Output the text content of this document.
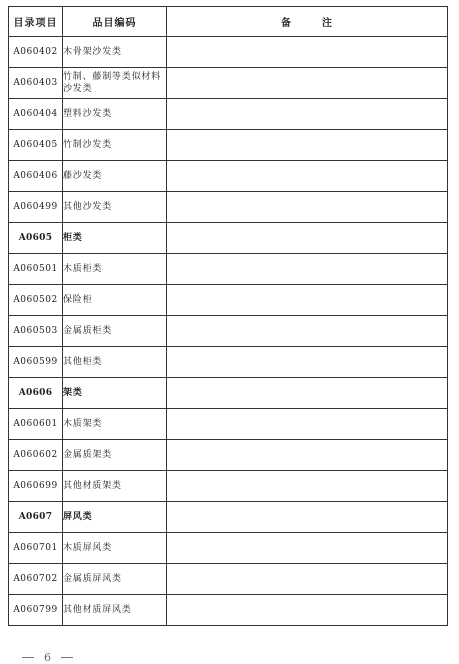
目录项目	品目编码	备 注
A060402	木骨架沙发类	
A060403	竹制、藤制等类似材料沙发类	
A060404	塑料沙发类	
A060405	竹制沙发类	
A060406	藤沙发类	
A060499	其他沙发类	
A0605	柜类	
A060501	木质柜类	
A060502	保险柜	
A060503	金属质柜类	
A060599	其他柜类	
A0606	架类	
A060601	木质架类	
A060602	金属质架类	
A060699	其他材质架类	
A0607	屏风类	
A060701	木质屏风类	
A060702	金属质屏风类	
A060799	其他材质屏风类	
6
